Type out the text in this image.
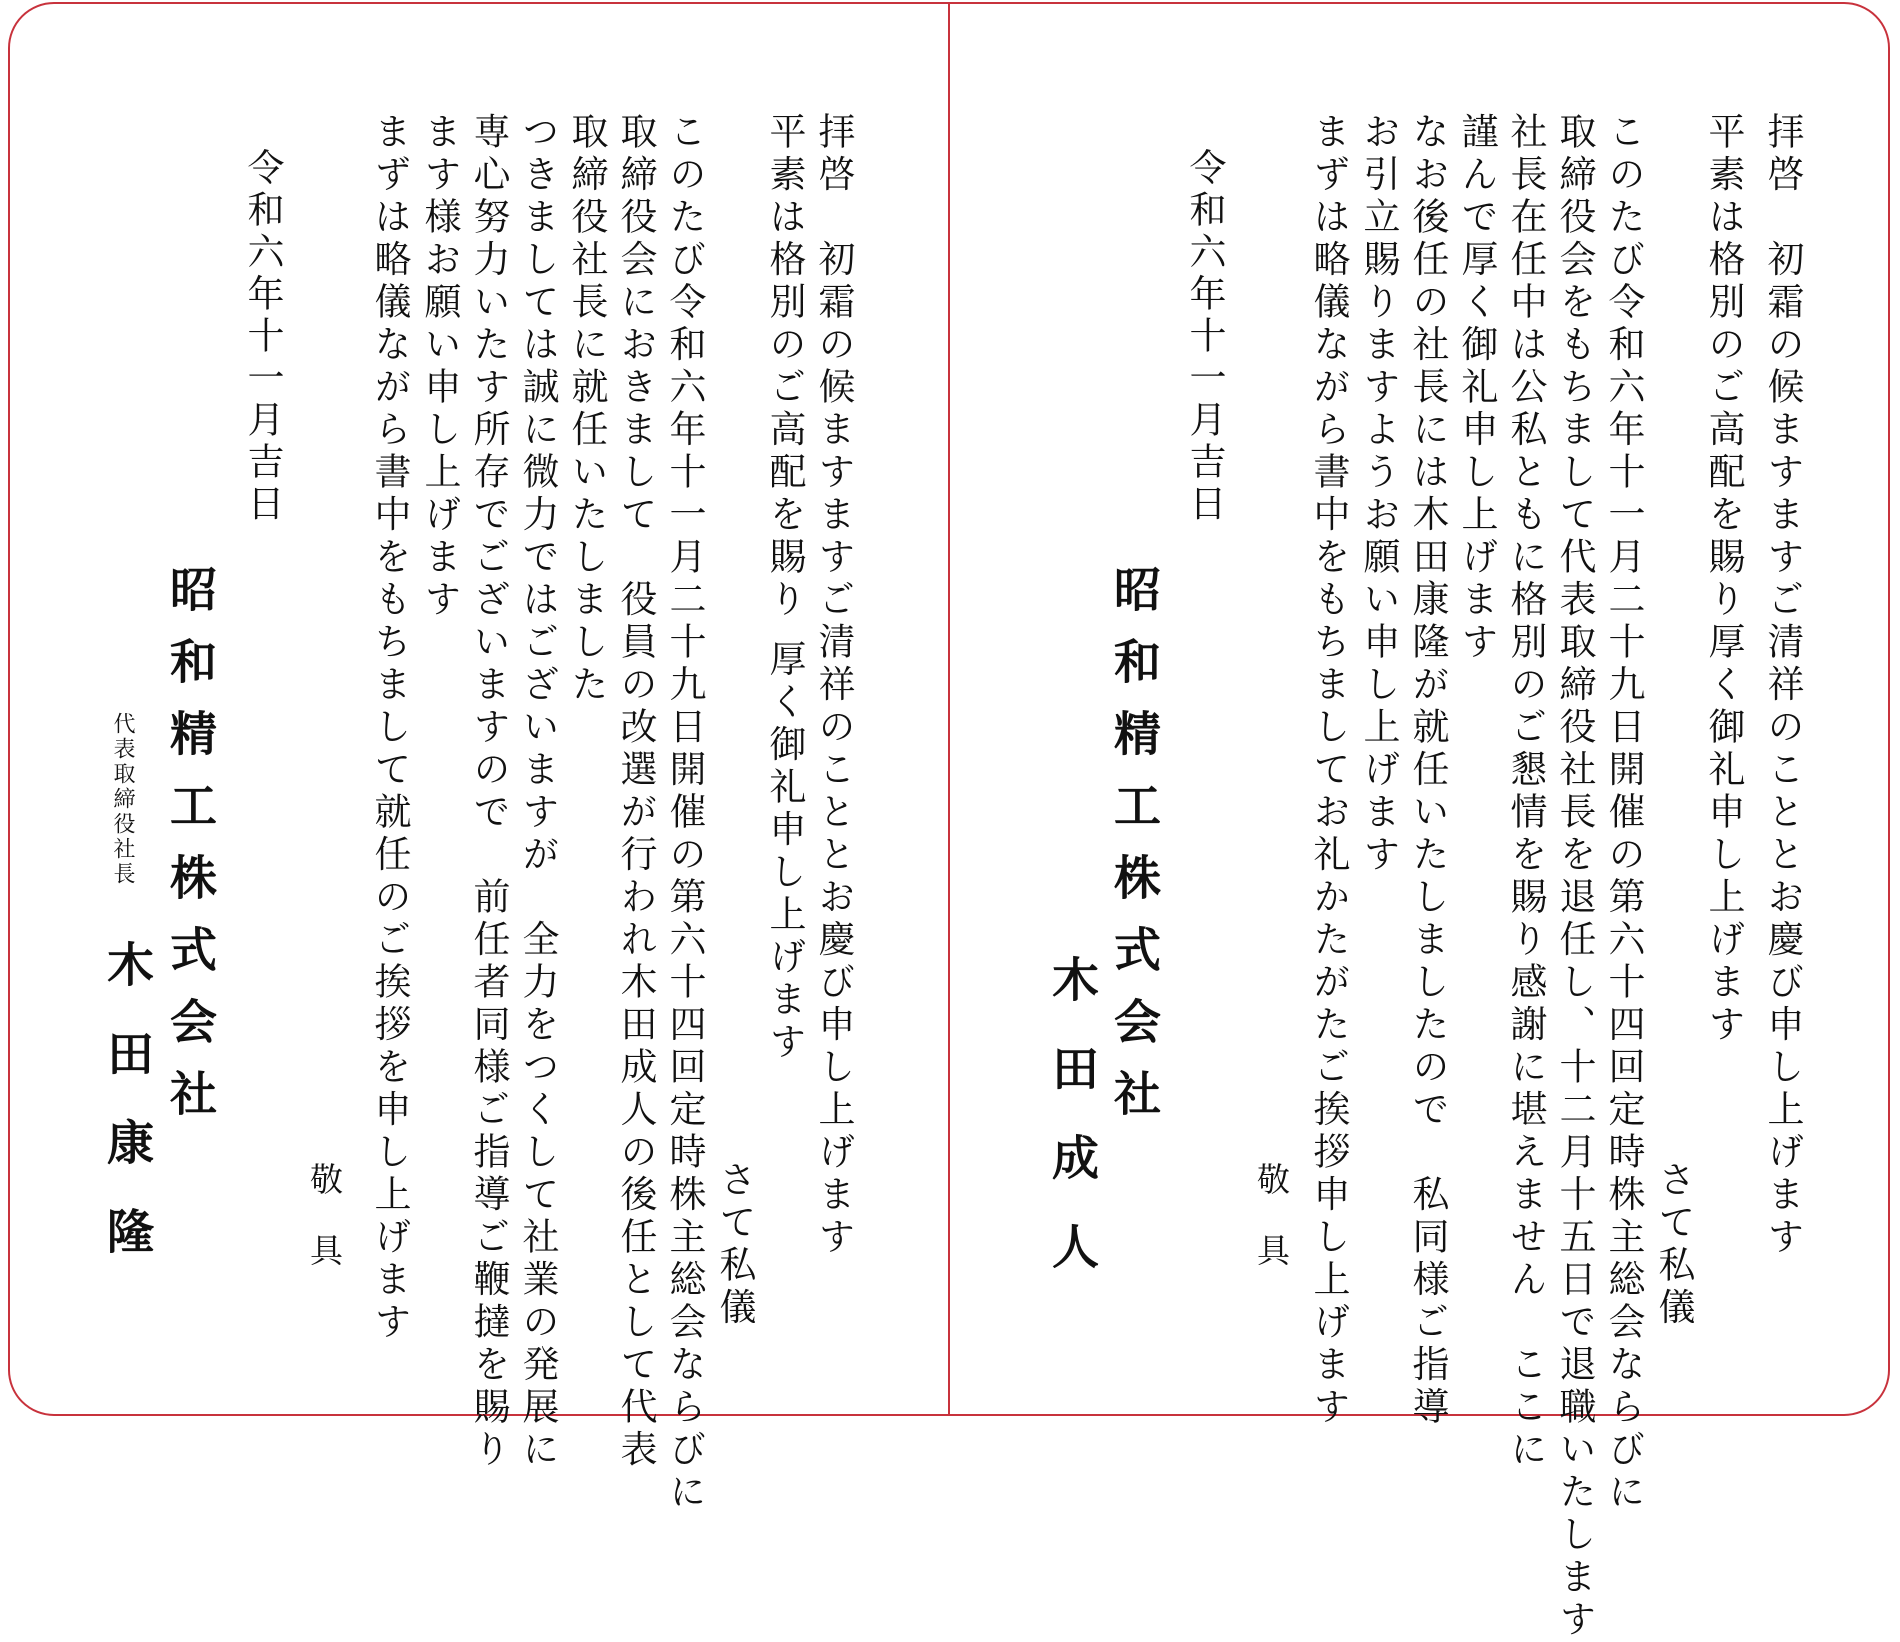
拝啓　初霜の候ますますご清祥のこととお慶び申し上げます

平素は格別のご高配を賜り厚く御礼申し上げます

さて私儀

このたび令和六年十一月二十九日開催の第六十四回定時株主総会ならびに

取締役会をもちまして代表取締役社長を退任し、十二月十五日で退職いたします

社長在任中は公私ともに格別のご懇情を賜り感謝に堪えません　ここに

謹んで厚く御礼申し上げます

なお後任の社長には木田康隆が就任いたしましたので　私同様ご指導

お引立賜りますようお願い申し上げます

まずは略儀ながら書中をもちましてお礼かたがたご挨拶申し上げます

敬具

令和六年十一月吉日

昭和精工株式会社

木田成人

拝啓　初霜の候ますますご清祥のこととお慶び申し上げます

平素は格別のご高配を賜り 厚く御礼申し上げます

さて私儀

このたび令和六年十一月二十九日開催の第六十四回定時株主総会ならびに

取締役会におきまして　役員の改選が行われ木田成人の後任として代表

取締役社長に就任いたしました

つきましては誠に微力ではございますが　全力をつくして社業の発展に

専心努力いたす所存でございますので　前任者同様ご指導ご鞭撻を賜り

ます様お願い申し上げます

まずは略儀ながら書中をもちまして就任のご挨拶を申し上げます

敬具

令和六年十一月吉日

昭和精工株式会社

代表取締役社長

木田康隆
